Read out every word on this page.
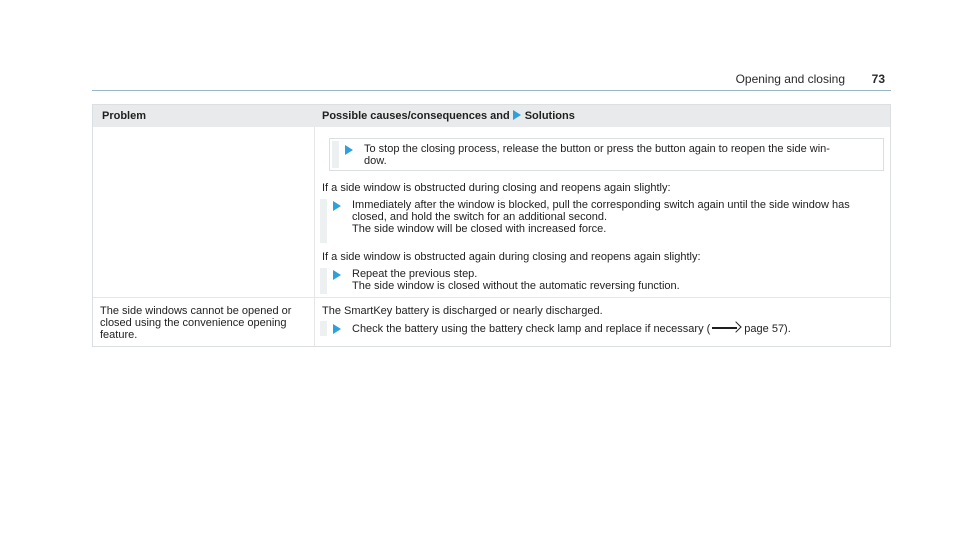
Opening and closing 73
Problem	Possible causes/consequences and Solutions
To stop the closing process, release the button or press the button again to reopen the side win-
dow.
If a side window is obstructed during closing and reopens again slightly:
Immediately after the window is blocked, pull the corresponding switch again until the side window has
closed, and hold the switch for an additional second.
The side window will be closed with increased force.
If a side window is obstructed again during closing and reopens again slightly:
Repeat the previous step.
The side window is closed without the automatic reversing function.
The side windows cannot be opened or
closed using the convenience opening
feature.
The SmartKey battery is discharged or nearly discharged.
Check the battery using the battery check lamp and replace if necessary (	page 57).
